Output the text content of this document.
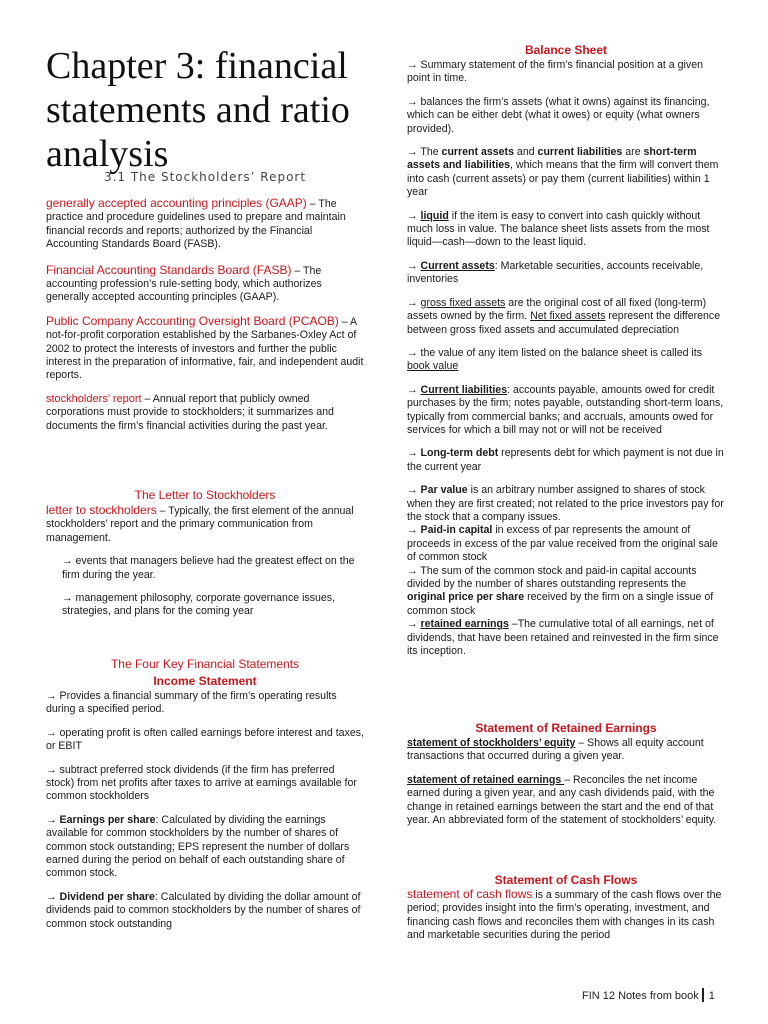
Chapter 3: financial statements and ratio analysis
3.1 The Stockholders’ Report

generally accepted accounting principles (GAAP) – The practice and procedure guidelines used to prepare and maintain financial records and reports; authorized by the Financial Accounting Standards Board (FASB).

Financial Accounting Standards Board (FASB) – The accounting profession’s rule-setting body, which authorizes generally accepted accounting principles (GAAP).

Public Company Accounting Oversight Board (PCAOB) – A not-for-profit corporation established by the Sarbanes-Oxley Act of 2002 to protect the interests of investors and further the public interest in the preparation of informative, fair, and independent audit reports.

stockholders’ report – Annual report that publicly owned corporations must provide to stockholders; it summarizes and documents the firm’s financial activities during the past year.

The Letter to Stockholders

letter to stockholders – Typically, the first element of the annual stockholders’ report and the primary communication from management.

→ events that managers believe had the greatest effect on the firm during the year.

→ management philosophy, corporate governance issues, strategies, and plans for the coming year

The Four Key Financial Statements

Income Statement

→ Provides a financial summary of the firm’s operating results during a specified period.

→ operating profit is often called earnings before interest and taxes, or EBIT

→ subtract preferred stock dividends (if the firm has preferred stock) from net profits after taxes to arrive at earnings available for common stockholders

→ Earnings per share: Calculated by dividing the earnings available for common stockholders by the number of shares of common stock outstanding; EPS represent the number of dollars earned during the period on behalf of each outstanding share of common stock.

→ Dividend per share: Calculated by dividing the dollar amount of dividends paid to common stockholders by the number of shares of common stock outstanding

Balance Sheet

→ Summary statement of the firm’s financial position at a given point in time.

→ balances the firm’s assets (what it owns) against its financing, which can be either debt (what it owes) or equity (what owners provided).

→ The current assets and current liabilities are short-term assets and liabilities, which means that the firm will convert them into cash (current assets) or pay them (current liabilities) within 1 year

→ liquid if the item is easy to convert into cash quickly without much loss in value. The balance sheet lists assets from the most liquid—cash—down to the least liquid.

→ Current assets: Marketable securities, accounts receivable, inventories

→ gross fixed assets are the original cost of all fixed (long-term) assets owned by the firm. Net fixed assets represent the difference between gross fixed assets and accumulated depreciation

→ the value of any item listed on the balance sheet is called its book value

→ Current liabilities: accounts payable, amounts owed for credit purchases by the firm; notes payable, outstanding short-term loans, typically from commercial banks; and accruals, amounts owed for services for which a bill may not or will not be received

→ Long-term debt represents debt for which payment is not due in the current year

→ Par value is an arbitrary number assigned to shares of stock when they are first created; not related to the price investors pay for the stock that a company issues.

→ Paid-in capital in excess of par represents the amount of proceeds in excess of the par value received from the original sale of common stock

→ The sum of the common stock and paid-in capital accounts divided by the number of shares outstanding represents the original price per share received by the firm on a single issue of common stock

→ retained earnings –The cumulative total of all earnings, net of dividends, that have been retained and reinvested in the firm since its inception.

Statement of Retained Earnings

statement of stockholders’ equity – Shows all equity account transactions that occurred during a given year.

statement of retained earnings – Reconciles the net income earned during a given year, and any cash dividends paid, with the change in retained earnings between the start and the end of that year. An abbreviated form of the statement of stockholders’ equity.

Statement of Cash Flows

statement of cash flows is a summary of the cash flows over the period; provides insight into the firm’s operating, investment, and financing cash flows and reconciles them with changes in its cash and marketable securities during the period

FIN 12 Notes from book 1
